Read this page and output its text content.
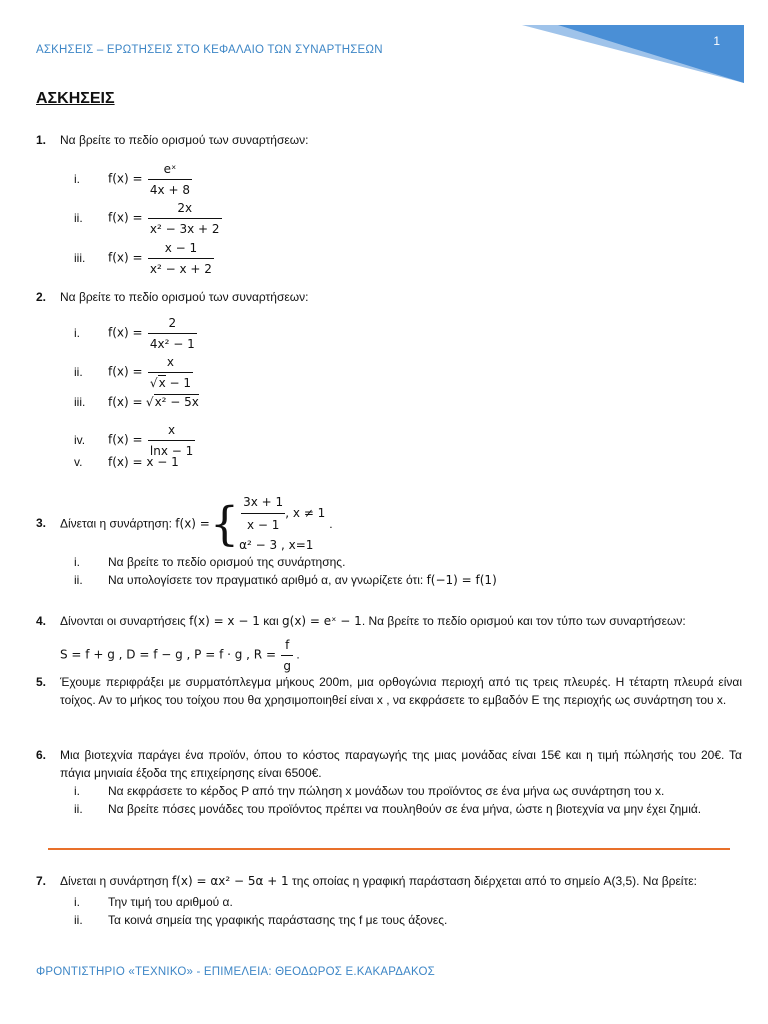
ΑΣΚΗΣΕΙΣ – ΕΡΩΤΗΣΕΙΣ ΣΤΟ ΚΕΦΑΛΑΙΟ ΤΩΝ ΣΥΝΑΡΤΗΣΕΩΝ
1
ΑΣΚΗΣΕΙΣ
1. Να βρείτε το πεδίο ορισμού των συναρτήσεων:
i. $f(x) = \frac{\text{eˣ}}{4x + 8}$
ii. $f(x) = \frac{2x}{\text{x² − 3x + 2}}$
iii. $f(x) = \frac{x - 1}{\text{x² − x + 2}}$
2. Να βρείτε το πεδίο ορισμού των συναρτήσεων:
i. $f(x) = \frac{2}{\text{4x² − 1}}$
ii. $f(x) = \frac{x}{√x - 1}$
iii. f(x) = √x² − 5x
iv. $f(x) = \frac{x}{\ln x - 1}$
v. f(x) = x − 1
3. Δίνεται η συνάρτηση: f(x) ={ $\frac{3x + 1}{x - 1}$ , x ≠ 1
α² − 3 , x=1
.
i. Να βρείτε το πεδίο ορισμού της συνάρτησης.
ii. Να υπολογίσετε τον πραγματικό αριθμό α, αν γνωρίζετε ότι: f(−1) = f(1)
4. Δίνονται οι συναρτήσεις f(x) = x − 1 και g(x) = eˣ − 1. Να βρείτε το πεδίο ορισμού και τον τύπο των συναρτήσεων:
S = f + g , D = f − g , P = f · g , $R = \frac{f}{g}$ .
5.	Έχουμε περιφράξει με συρματόπλεγμα μήκους 200m, μια ορθογώνια περιοχή από τις τρεις πλευρές. Η τέταρτη πλευρά είναι τοίχος. Αν το μήκος του τοίχου που θα χρησιμοποιηθεί είναι x , να εκφράσετε το εμβαδόν E της περιοχής ως συνάρτηση του x.
6.	Μια βιοτεχνία παράγει ένα προϊόν, όπου το κόστος παραγωγής της μιας μονάδας είναι 15€ και η τιμή πώλησής του 20€. Τα πάγια μηνιαία έξοδα της επιχείρησης είναι 6500€.
i. Να εκφράσετε το κέρδος P από την πώληση x μονάδων του προϊόντος σε ένα μήνα ως συνάρτηση του x.
ii. Να βρείτε πόσες μονάδες του προϊόντος πρέπει να πουληθούν σε ένα μήνα, ώστε η βιοτεχνία να μην έχει ζημιά.
7. Δίνεται η συνάρτηση f(x) = αx² − 5α + 1 της οποίας η γραφική παράσταση διέρχεται από το σημείο A(3,5). Να βρείτε:
i. Την τιμή του αριθμού α.
ii. Τα κοινά σημεία της γραφικής παράστασης της f με τους άξονες.
ΦΡΟΝΤΙΣΤΗΡΙΟ «ΤΕΧΝΙΚΟ» - ΕΠΙΜΕΛΕΙΑ: ΘΕΟΔΩΡΟΣ Ε.ΚΑΚΑΡΔΑΚΟΣ
